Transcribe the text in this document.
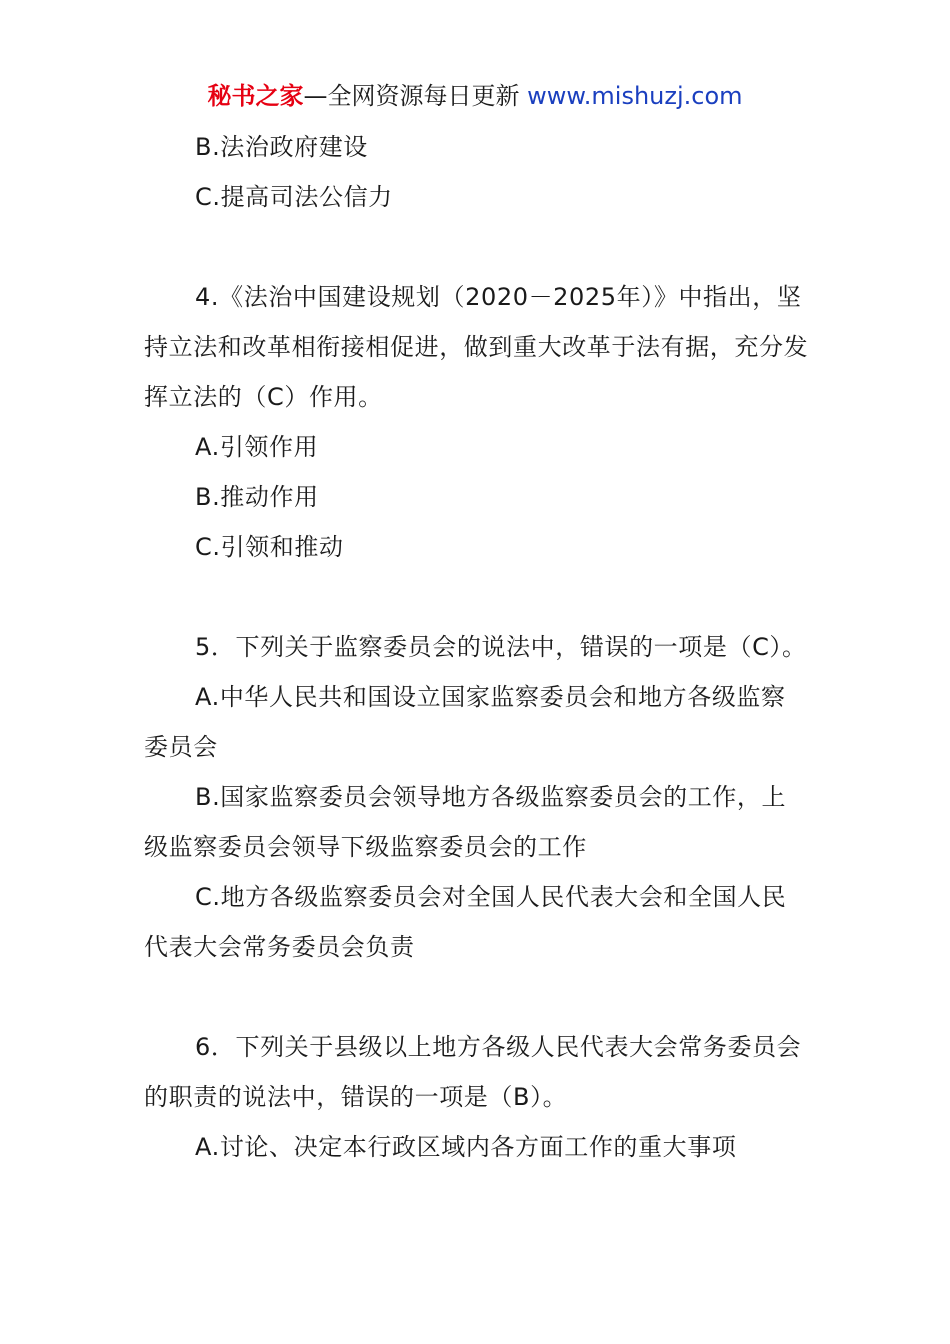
秘书之家—全网资源每日更新 www.mishuzj.com

B.法治政府建设

C.提高司法公信力

4.《法治中国建设规划（2020－2025年）》中指出，坚持立法和改革相衔接相促进，做到重大改革于法有据，充分发挥立法的（C）作用。

A.引领作用

B.推动作用

C.引领和推动

5．下列关于监察委员会的说法中，错误的一项是（C）。

A.中华人民共和国设立国家监察委员会和地方各级监察委员会

B.国家监察委员会领导地方各级监察委员会的工作，上级监察委员会领导下级监察委员会的工作

C.地方各级监察委员会对全国人民代表大会和全国人民代表大会常务委员会负责

6．下列关于县级以上地方各级人民代表大会常务委员会的职责的说法中，错误的一项是（B）。

A.讨论、决定本行政区域内各方面工作的重大事项
